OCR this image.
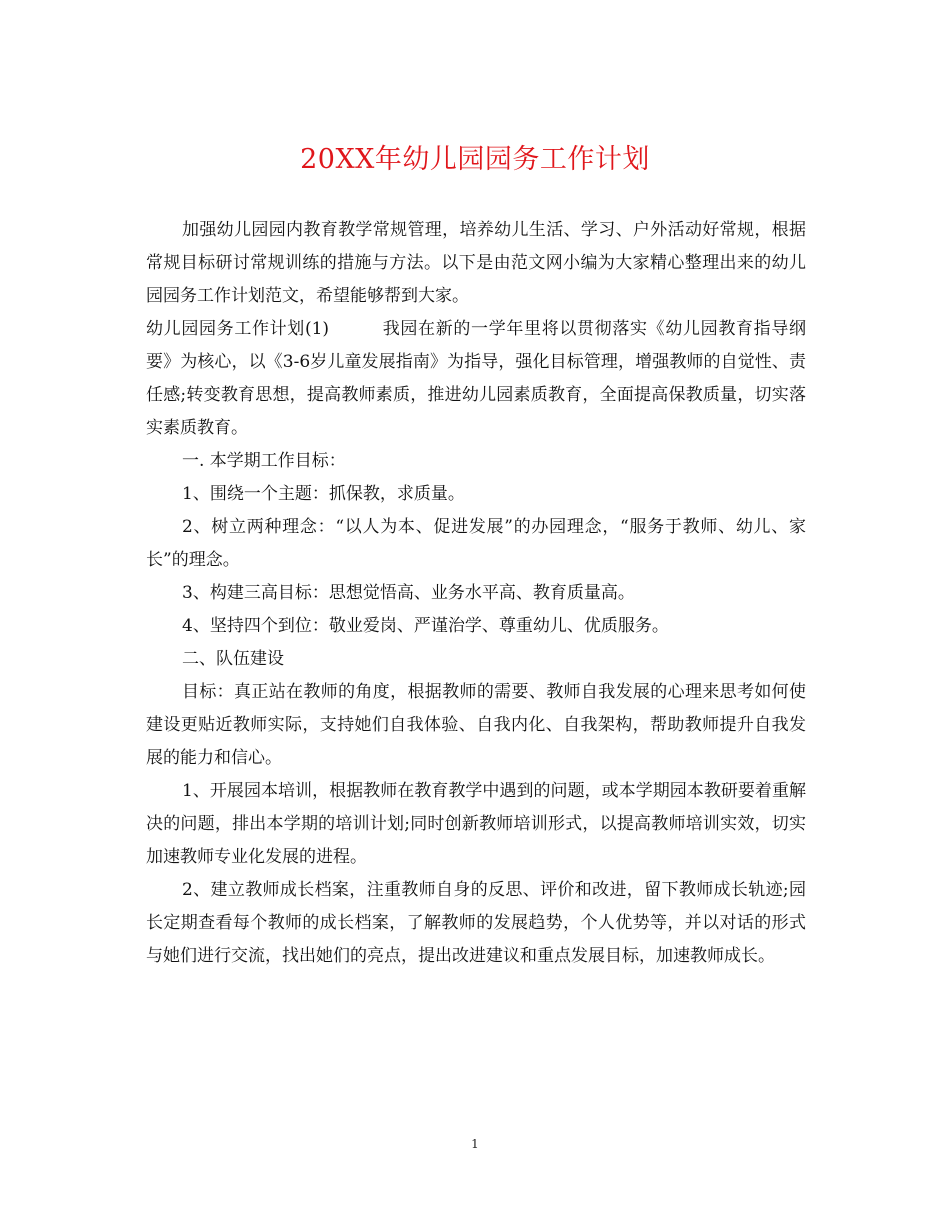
20XX年幼儿园园务工作计划

加强幼儿园园内教育教学常规管理，培养幼儿生活、学习、户外活动好常规，根据常规目标研讨常规训练的措施与方法。以下是由范文网小编为大家精心整理出来的幼儿园园务工作计划范文，希望能够帮到大家。

幼儿园园务工作计划(1)　　　我园在新的一学年里将以贯彻落实《幼儿园教育指导纲要》为核心，以《3-6岁儿童发展指南》为指导，强化目标管理，增强教师的自觉性、责任感;转变教育思想，提高教师素质，推进幼儿园素质教育，全面提高保教质量，切实落实素质教育。

一. 本学期工作目标：

1、围绕一个主题：抓保教，求质量。

2、树立两种理念：“以人为本、促进发展”的办园理念，“服务于教师、幼儿、家长”的理念。

3、构建三高目标：思想觉悟高、业务水平高、教育质量高。

4、坚持四个到位：敬业爱岗、严谨治学、尊重幼儿、优质服务。

二、队伍建设

目标：真正站在教师的角度，根据教师的需要、教师自我发展的心理来思考如何使建设更贴近教师实际，支持她们自我体验、自我内化、自我架构，帮助教师提升自我发展的能力和信心。

1、开展园本培训，根据教师在教育教学中遇到的问题，或本学期园本教研要着重解决的问题，排出本学期的培训计划;同时创新教师培训形式，以提高教师培训实效，切实加速教师专业化发展的进程。

2、建立教师成长档案，注重教师自身的反思、评价和改进，留下教师成长轨迹;园长定期查看每个教师的成长档案，了解教师的发展趋势，个人优势等，并以对话的形式与她们进行交流，找出她们的亮点，提出改进建议和重点发展目标，加速教师成长。

1
